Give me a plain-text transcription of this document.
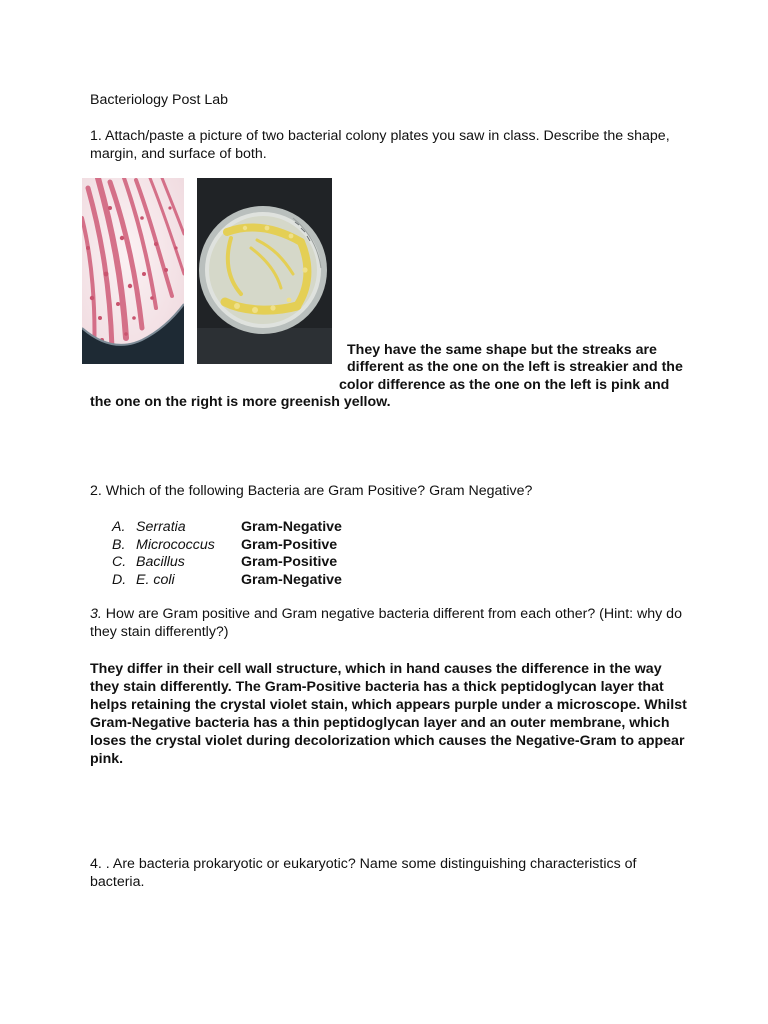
Bacteriology Post Lab
1. Attach/paste a picture of two bacterial colony plates you saw in class. Describe the shape,
margin, and surface of both.
They have the same shape but the streaks are
different as the one on the left is streakier and the
color difference as the one on the left is pink and
the one on the right is more greenish yellow.
2. Which of the following Bacteria are Gram Positive? Gram Negative?
A. Serratia	Gram-Negative
B. Micrococcus Gram-Positive
C. Bacillus	Gram-Positive
D. E. coli	Gram-Negative
3. How are Gram positive and Gram negative bacteria different from each other? (Hint: why do
they stain differently?)
They differ in their cell wall structure, which in hand causes the difference in the way
they stain differently. The Gram-Positive bacteria has a thick peptidoglycan layer that
helps retaining the crystal violet stain, which appears purple under a microscope. Whilst
Gram-Negative bacteria has a thin peptidoglycan layer and an outer membrane, which
loses the crystal violet during decolorization which causes the Negative-Gram to appear
pink.
4. . Are bacteria prokaryotic or eukaryotic? Name some distinguishing characteristics of
bacteria.
